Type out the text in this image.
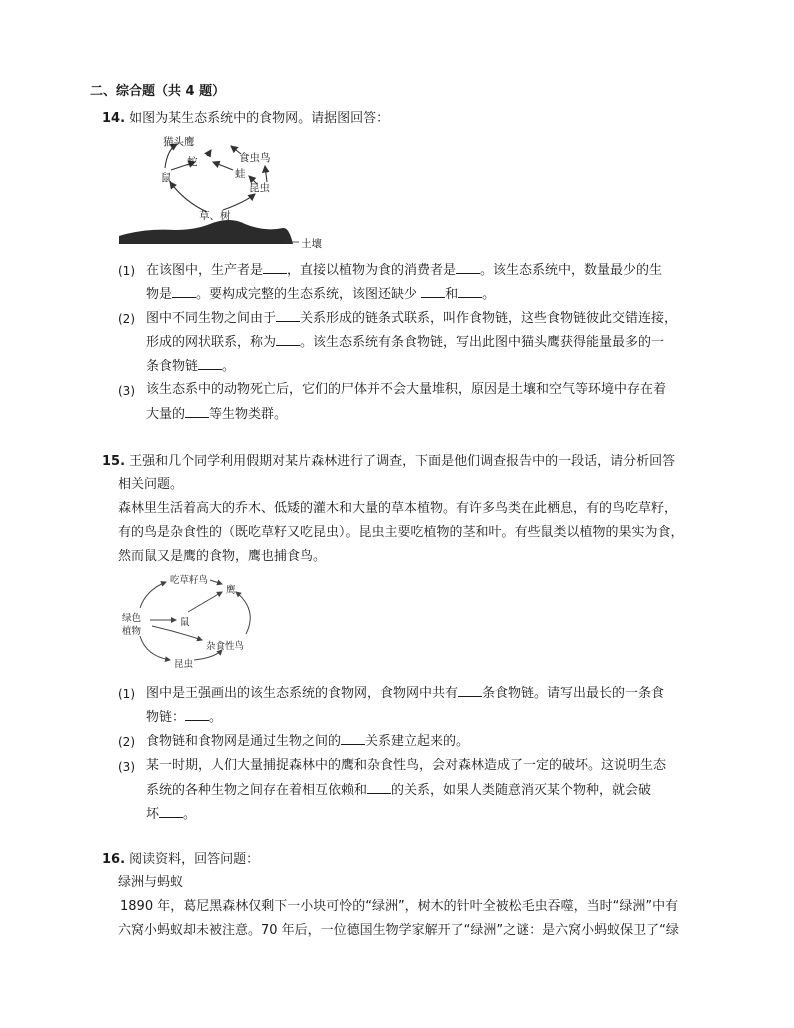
二、综合题（共 4 题）
14. 如图为某生态系统中的食物网。请据图回答：
猫头鹰
蛇	食虫鸟
鼠	蛙
昆虫
草、树
土壤
(1) 在该图中，生产者是 ，直接以植物为食的消费者是 。该生态系统中，数量最少的生
物是 。要构成完整的生态系统，该图还缺少 和 。
(2) 图中不同生物之间由于 关系形成的链条式联系，叫作食物链，这些食物链彼此交错连接，
形成的网状联系，称为 。该生态系统有条食物链，写出此图中猫头鹰获得能量最多的一
条食物链 。
(3) 该生态系中的动物死亡后，它们的尸体并不会大量堆积，原因是土壤和空气等环境中存在着
大量的 等生物类群。
15. 王强和几个同学利用假期对某片森林进行了调查，下面是他们调查报告中的一段话，请分析回答
相关问题。
森林里生活着高大的乔木、低矮的灌木和大量的草本植物。有许多鸟类在此栖息，有的鸟吃草籽，
有的鸟是杂食性的（既吃草籽又吃昆虫）。昆虫主要吃植物的茎和叶。有些鼠类以植物的果实为食，
然而鼠又是鹰的食物，鹰也捕食鸟。
吃草籽鸟
鹰
绿色
植物
鼠
杂食性鸟
昆虫
(1) 图中是王强画出的该生态系统的食物网，食物网中共有 条食物链。请写出最长的一条食
物链： 。
(2) 食物链和食物网是通过生物之间的 关系建立起来的。
(3) 某一时期，人们大量捕捉森林中的鹰和杂食性鸟，会对森林造成了一定的破坏。这说明生态
系统的各种生物之间存在着相互依赖和 的关系，如果人类随意消灭某个物种，就会破
坏 。
16. 阅读资料，回答问题：
绿洲与蚂蚁
1890 年，葛尼黑森林仅剩下一小块可怜的“绿洲”，树木的针叶全被松毛虫吞噬，当时“绿洲”中有
六窝小蚂蚁却未被注意。70 年后，一位德国生物学家解开了“绿洲”之谜：是六窝小蚂蚁保卫了“绿
